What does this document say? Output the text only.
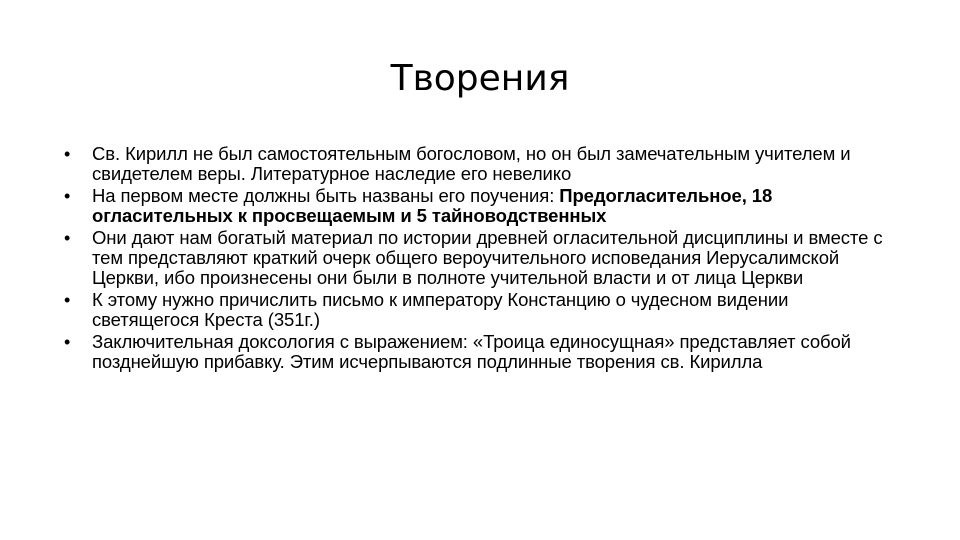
Творения
•	Св. Кирилл не был самостоятельным богословом, но он был замечательным учителем и свидетелем веры. Литературное наследие его невелико
•	На первом месте должны быть названы его поучения: Предогласительное, 18 огласительных к просвещаемым и 5 тайноводственных
•	Они дают нам богатый материал по истории древней огласительной дисциплины и вместе с тем представляют краткий очерк общего вероучительного исповедания Иерусалимской Церкви, ибо произнесены они были в полноте учительной власти и от лица Церкви
•	К этому нужно причислить письмо к императору Констанцию о чудесном видении светящегося Креста (351г.)
•	Заключительная доксология с выражением: «Троица единосущная» представляет собой позднейшую прибавку. Этим исчерпываются подлинные творения св. Кирилла
